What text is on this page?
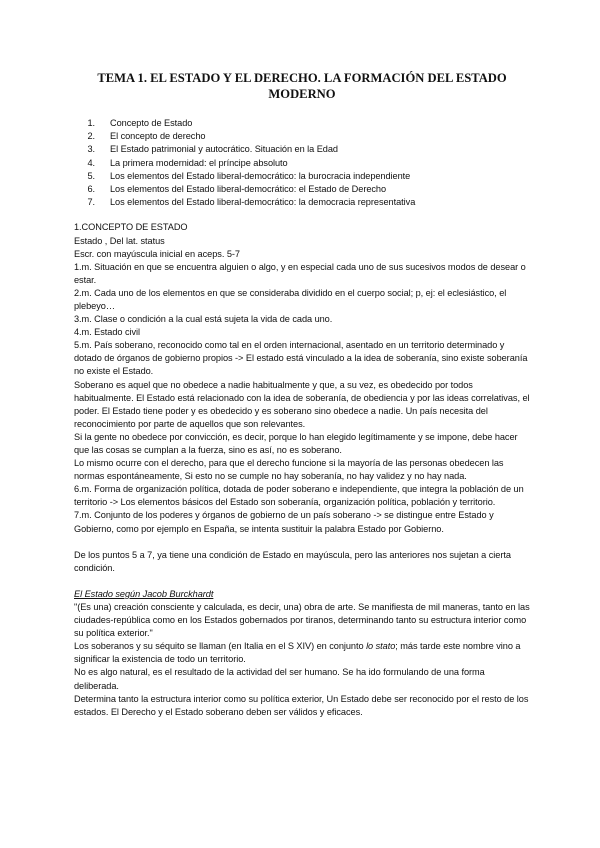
TEMA 1. EL ESTADO Y EL DERECHO. LA FORMACIÓN DEL ESTADO MODERNO
1.	Concepto de Estado
2.	El concepto de derecho
3.	El Estado patrimonial y autocrático. Situación en la Edad
4.	La primera modernidad: el príncipe absoluto
5.	Los elementos del Estado liberal-democrático: la burocracia independiente
6.	Los elementos del Estado liberal-democrático: el Estado de Derecho
7.	Los elementos del Estado liberal-democrático: la democracia representativa

1.CONCEPTO DE ESTADO

Estado , Del lat. status

Escr. con mayúscula inicial en aceps. 5-7

1.m. Situación en que se encuentra alguien o algo, y en especial cada uno de sus sucesivos modos de desear o estar.

2.m. Cada uno de los elementos en que se consideraba dividido en el cuerpo social; p, ej: el eclesiástico, el plebeyo…

3.m. Clase o condición a la cual está sujeta la vida de cada uno.

4.m. Estado civil

5.m. País soberano, reconocido como tal en el orden internacional, asentado en un territorio determinado y dotado de órganos de gobierno propios -> El estado está vinculado a la idea de soberanía, sino existe soberanía no existe el Estado.

Soberano es aquel que no obedece a nadie habitualmente y que, a su vez, es obedecido por todos habitualmente. El Estado está relacionado con la idea de soberanía, de obediencia y por las ideas correlativas, el poder. El Estado tiene poder y es obedecido y es soberano sino obedece a nadie. Un país necesita del reconocimiento por parte de aquellos que son relevantes.

Si la gente no obedece por convicción, es decir, porque lo han elegido legítimamente y se impone, debe hacer que las cosas se cumplan a la fuerza, sino es así, no es soberano.

Lo mismo ocurre con el derecho, para que el derecho funcione si la mayoría de las personas obedecen las normas espontáneamente, Si esto no se cumple no hay soberanía, no hay validez y no hay nada.

6.m. Forma de organización política, dotada de poder soberano e independiente, que integra la población de un territorio -> Los elementos básicos del Estado son soberanía, organización política, población y territorio.

7.m. Conjunto de los poderes y órganos de gobierno de un país soberano -> se distingue entre Estado y Gobierno, como por ejemplo en España, se intenta sustituir la palabra Estado por Gobierno.

De los puntos 5 a 7, ya tiene una condición de Estado en mayúscula, pero las anteriores nos sujetan a cierta condición.

El Estado según Jacob Burckhardt

"(Es una) creación consciente y calculada, es decir, una) obra de arte. Se manifiesta de mil maneras, tanto en las ciudades-república como en los Estados gobernados por tiranos, determinando tanto su estructura interior como su política exterior."

Los soberanos y su séquito se llaman (en Italia en el S XIV) en conjunto lo stato; más tarde este nombre vino a significar la existencia de todo un territorio.

No es algo natural, es el resultado de la actividad del ser humano. Se ha ido formulando de una forma deliberada.

Determina tanto la estructura interior como su política exterior, Un Estado debe ser reconocido por el resto de los estados. El Derecho y el Estado soberano deben ser válidos y eficaces.
